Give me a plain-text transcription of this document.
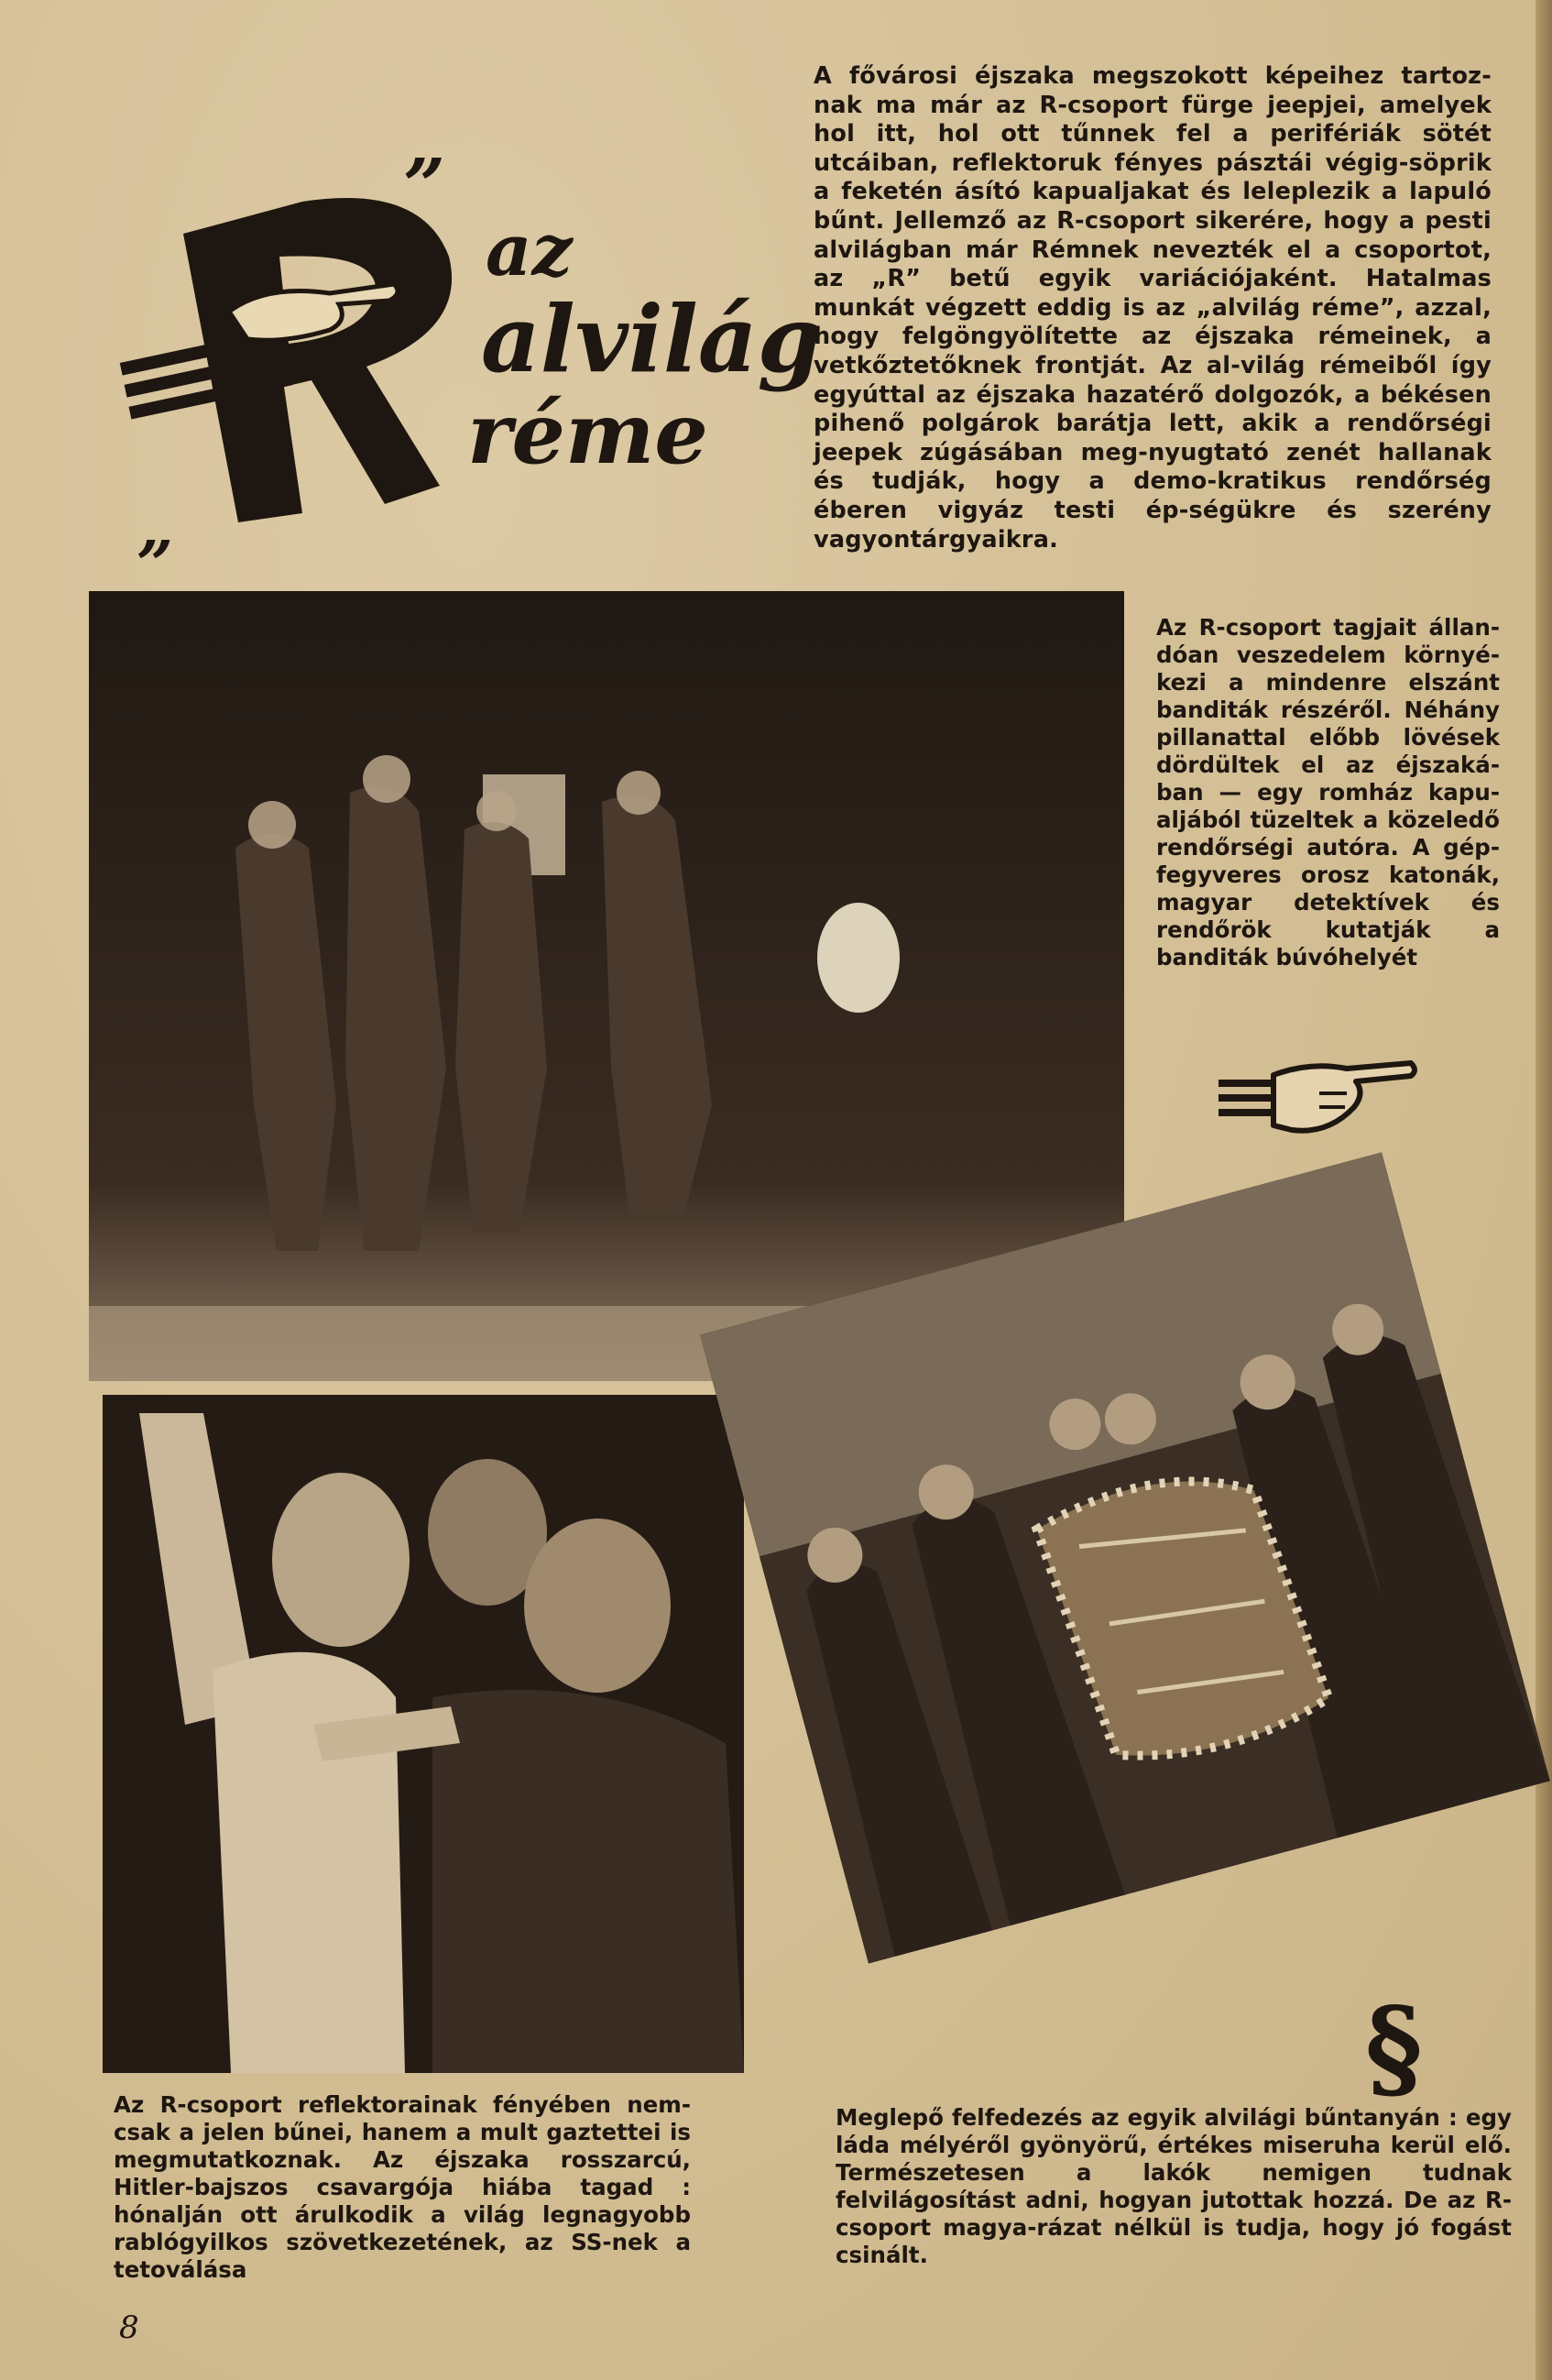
„
”
az
alvilág
réme
A fővárosi éjszaka megszokott képeihez tartoz-nak ma már az R-csoport fürge jeepjei, amelyek hol itt, hol ott tűnnek fel a perifériák sötét utcáiban, reflektoruk fényes pásztái végig-söprik a feketén ásító kapualjakat és leleplezik a lapuló bűnt. Jellemző az R-csoport sikerére, hogy a pesti alvilágban már Rémnek nevezték el a csoportot, az „R” betű egyik variációjaként. Hatalmas munkát végzett eddig is az „alvilág réme”, azzal, hogy felgöngyölítette az éjszaka rémeinek, a vetkőztetőknek frontját. Az al-világ rémeiből így egyúttal az éjszaka hazatérő dolgozók, a békésen pihenő polgárok barátja lett, akik a rendőrségi jeepek zúgásában meg-nyugtató zenét hallanak és tudják, hogy a demo-kratikus rendőrség éberen vigyáz testi ép-ségükre és szerény vagyontárgyaikra.
Az R-csoport tagjait állan-dóan veszedelem környé-kezi a mindenre elszánt banditák részéről. Néhány pillanattal előbb lövések dördültek el az éjszaká-ban — egy romház kapu-aljából tüzeltek a közeledő rendőrségi autóra. A gép-fegyveres orosz katonák, magyar detektívek és rendőrök kutatják a banditák búvóhelyét
§
Az R-csoport reflektorainak fényében nem-csak a jelen bűnei, hanem a mult gaztettei is megmutatkoznak. Az éjszaka rosszarcú, Hitler-bajszos csavargója hiába tagad : hónalján ott árulkodik a világ legnagyobb rablógyilkos szövetkezetének, az SS-nek a tetoválása
Meglepő felfedezés az egyik alvilági bűntanyán : egy láda mélyéről gyönyörű, értékes miseruha kerül elő. Természetesen a lakók nemigen tudnak felvilágosítást adni, hogyan jutottak hozzá. De az R-csoport magya-rázat nélkül is tudja, hogy jó fogást csinált.
8
